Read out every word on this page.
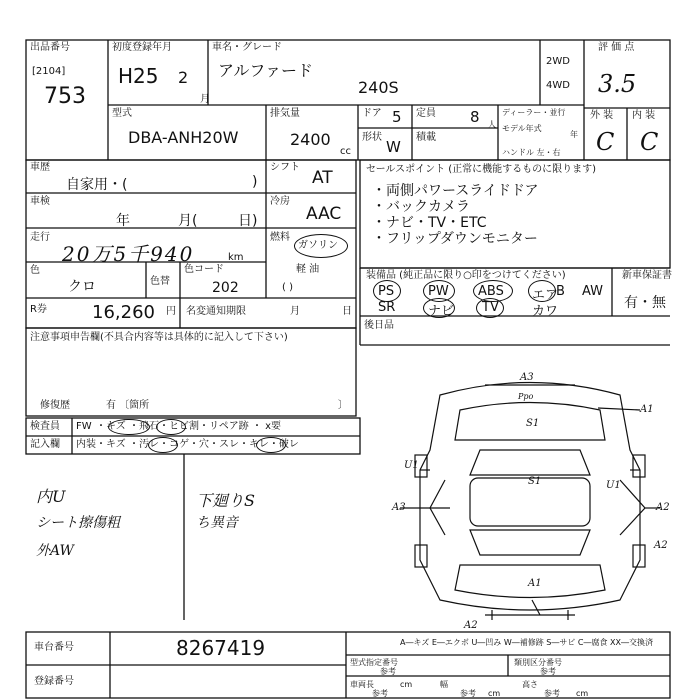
出品番号
[2104]
753
初度登録年月
H25 2
月
車名・グレード
アルファード
240S
2WD
4WD
評 価 点
3.5
外 装 内 装
C C
型式
DBA-ANH20W
排気量
2400
cc
ドア 5 定員 8 人
形状
W
積載
ディーラー・並行
モデル年式
年
ハンドル 左・右
車歴
自家用・(	)
車検
年	月(	日)
走行
20万5千940	km
色
クロ	色替
色コード
202
R券	16,260 円 名変通知期限	月	日
シフト
AT
冷房
AAC
燃料
ガソリン
軽 油
( )
セールスポイント (正常に機能するものに限ります)
・両側パワースライドドア
・バックカメラ
・ナビ・TV・ETC
・フリップダウンモニター
装備品 (純正品に限り○印をつけてください)	新車保証書
有・無
PS	PW ABS エア
B AW
SR	ナビ TV	カワ
後日品
注意事項申告欄(不具合内容等は具体的に記入して下さい)
修復歴	有 〔箇所	〕
検査員
記入欄
FW ・キズ ・飛石・ヒビ割・リペア跡 ・ x要
内装 ・キズ ・汚レ・コゲ・穴・スレ・キレ・破レ
内U
シート擦傷粗
外AW
下廻りS
ち異音
A3
Ppo
S1
S1
A1
U1
U1
A3	A2
A1
A2
A2
車台番号	8267419
登録番号
A―キズ E―エクボ U―凹み W―補修跡 S―サビ C―腐食 XX―交換済
型式指定番号
参考
類別区分番号
参考
車両長
参考
cm	幅
参考 cm
高さ
参考 cm
